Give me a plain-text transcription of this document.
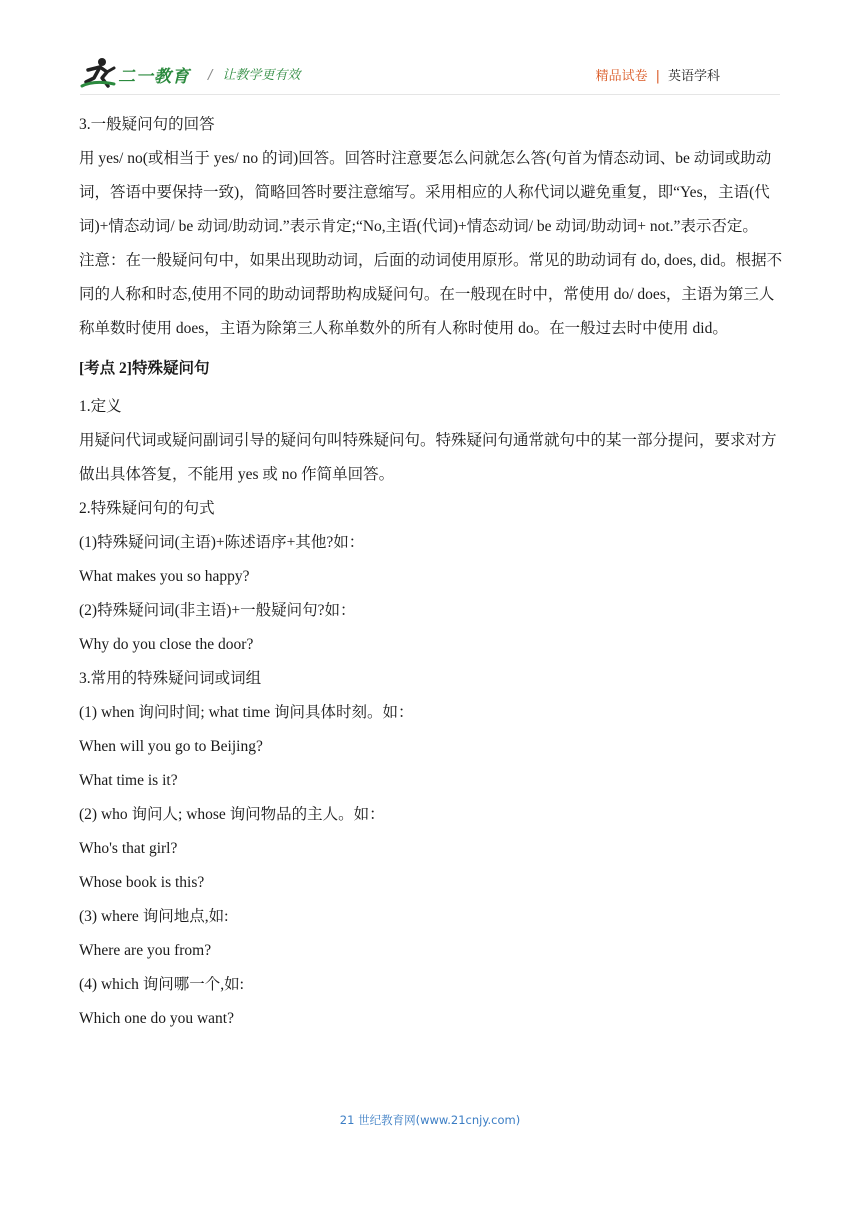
二一教育 / 让教学更有效	精品试卷 | 英语学科

3.一般疑问句的回答

用 yes/ no(或相当于 yes/ no 的词)回答。回答时注意要怎么问就怎么答(句首为情态动词、be 动词或助动词，答语中要保持一致)，简略回答时要注意缩写。采用相应的人称代词以避免重复，即“Yes，主语(代词)+情态动词/ be 动词/助动词.”表示肯定;“No,主语(代词)+情态动词/ be 动词/助动词+ not.”表示否定。

注意：在一般疑问句中，如果出现助动词，后面的动词使用原形。常见的助动词有 do, does, did。根据不同的人称和时态,使用不同的助动词帮助构成疑问句。在一般现在时中，常使用 do/ does，主语为第三人称单数时使用 does，主语为除第三人称单数外的所有人称时使用 do。在一般过去时中使用 did。

[考点 2]特殊疑问句

1.定义

用疑问代词或疑问副词引导的疑问句叫特殊疑问句。特殊疑问句通常就句中的某一部分提问，要求对方做出具体答复，不能用 yes 或 no 作简单回答。

2.特殊疑问句的句式

(1)特殊疑问词(主语)+陈述语序+其他?如：

What makes you so happy?

(2)特殊疑问词(非主语)+一般疑问句?如：

Why do you close the door?

3.常用的特殊疑问词或词组

(1) when 询问时间; what time 询问具体时刻。如：

When will you go to Beijing?

What time is it?

(2) who 询问人; whose 询问物品的主人。如：

Who's that girl?

Whose book is this?

(3) where 询问地点,如:

Where are you from?

(4) which 询问哪一个,如:

Which one do you want?

21 世纪教育网(www.21cnjy.com)
